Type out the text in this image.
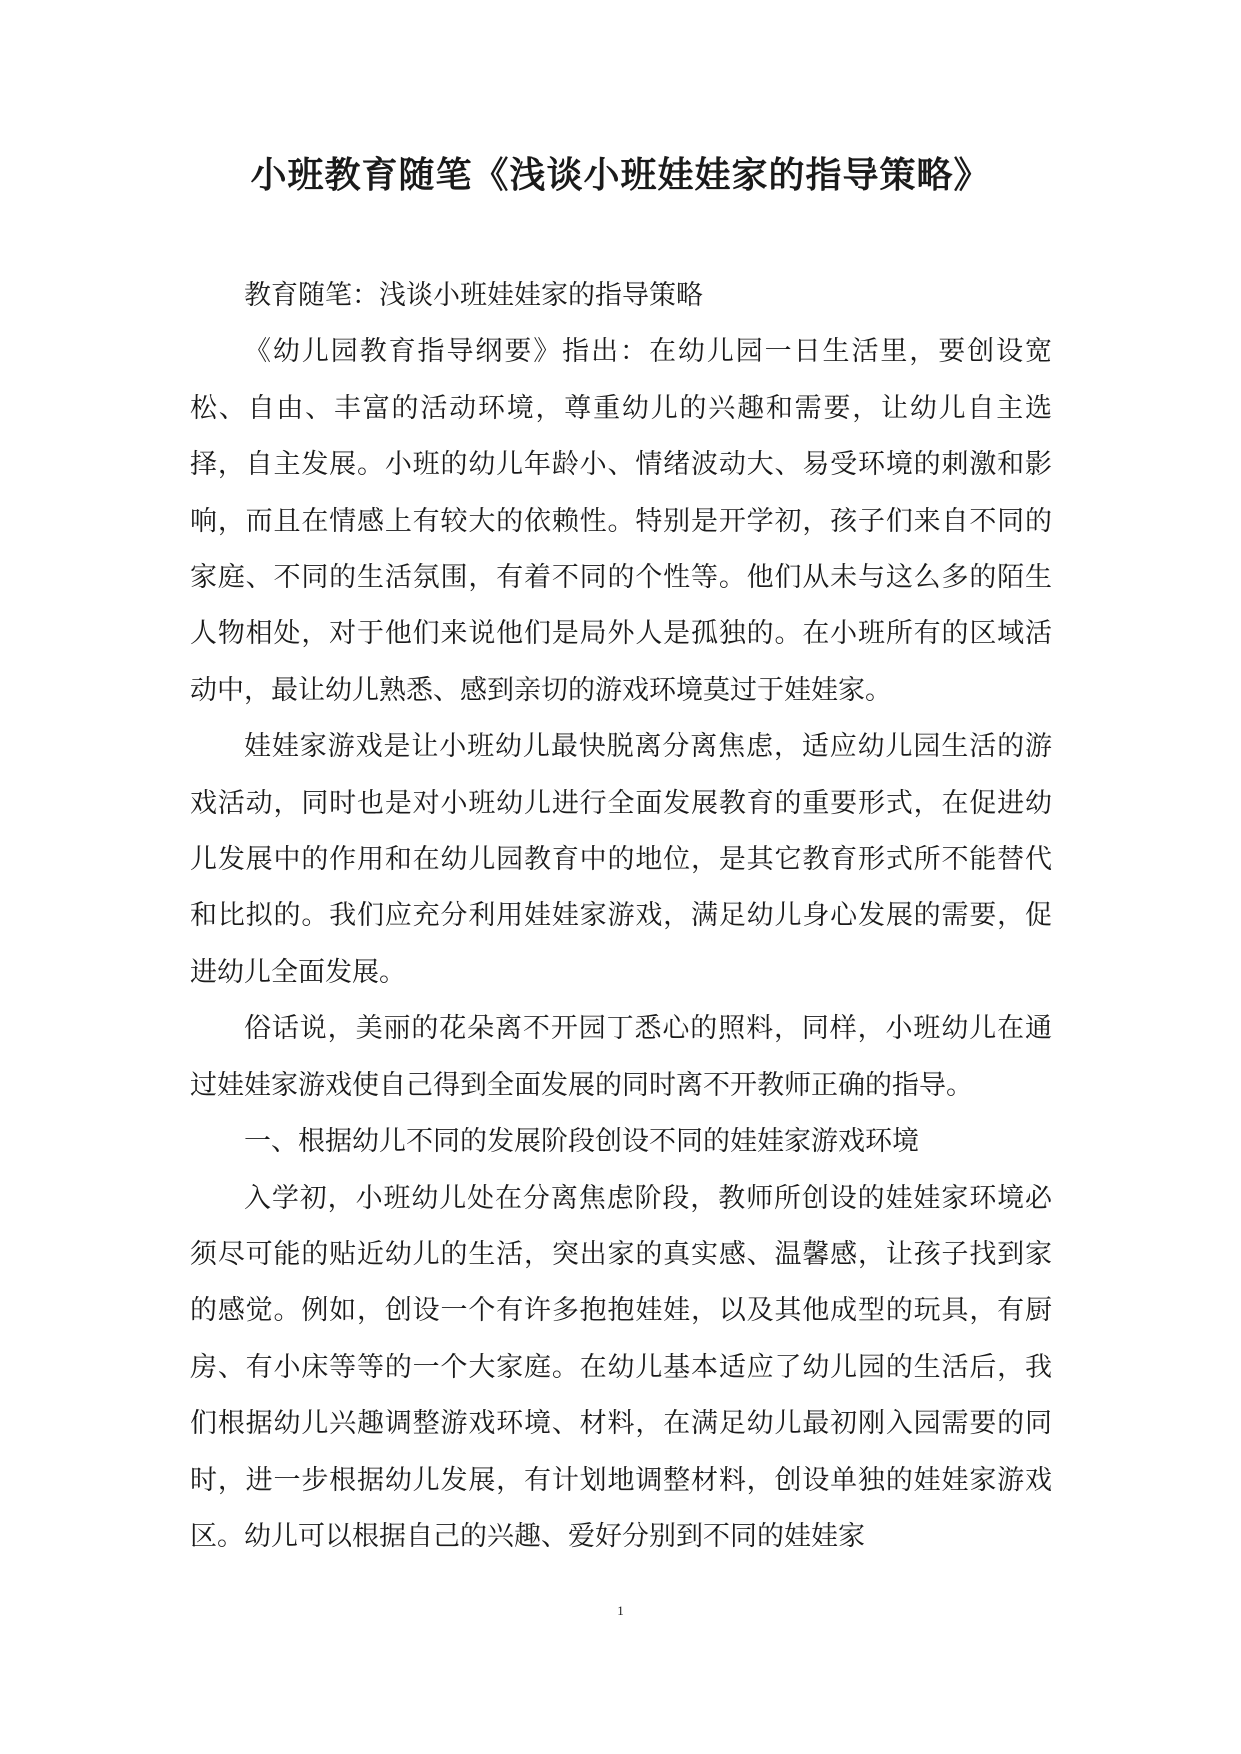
小班教育随笔《浅谈小班娃娃家的指导策略》

教育随笔：浅谈小班娃娃家的指导策略

《幼儿园教育指导纲要》指出：在幼儿园一日生活里，要创设宽松、自由、丰富的活动环境，尊重幼儿的兴趣和需要，让幼儿自主选择，自主发展。小班的幼儿年龄小、情绪波动大、易受环境的刺激和影响，而且在情感上有较大的依赖性。特别是开学初，孩子们来自不同的家庭、不同的生活氛围，有着不同的个性等。他们从未与这么多的陌生人物相处，对于他们来说他们是局外人是孤独的。在小班所有的区域活动中，最让幼儿熟悉、感到亲切的游戏环境莫过于娃娃家。

娃娃家游戏是让小班幼儿最快脱离分离焦虑，适应幼儿园生活的游戏活动，同时也是对小班幼儿进行全面发展教育的重要形式，在促进幼儿发展中的作用和在幼儿园教育中的地位，是其它教育形式所不能替代和比拟的。我们应充分利用娃娃家游戏，满足幼儿身心发展的需要，促进幼儿全面发展。

俗话说，美丽的花朵离不开园丁悉心的照料，同样，小班幼儿在通过娃娃家游戏使自己得到全面发展的同时离不开教师正确的指导。

一、根据幼儿不同的发展阶段创设不同的娃娃家游戏环境

入学初，小班幼儿处在分离焦虑阶段，教师所创设的娃娃家环境必须尽可能的贴近幼儿的生活，突出家的真实感、温馨感，让孩子找到家的感觉。例如，创设一个有许多抱抱娃娃，以及其他成型的玩具，有厨房、有小床等等的一个大家庭。在幼儿基本适应了幼儿园的生活后，我们根据幼儿兴趣调整游戏环境、材料，在满足幼儿最初刚入园需要的同时，进一步根据幼儿发展，有计划地调整材料，创设单独的娃娃家游戏区。幼儿可以根据自己的兴趣、爱好分别到不同的娃娃家

1
